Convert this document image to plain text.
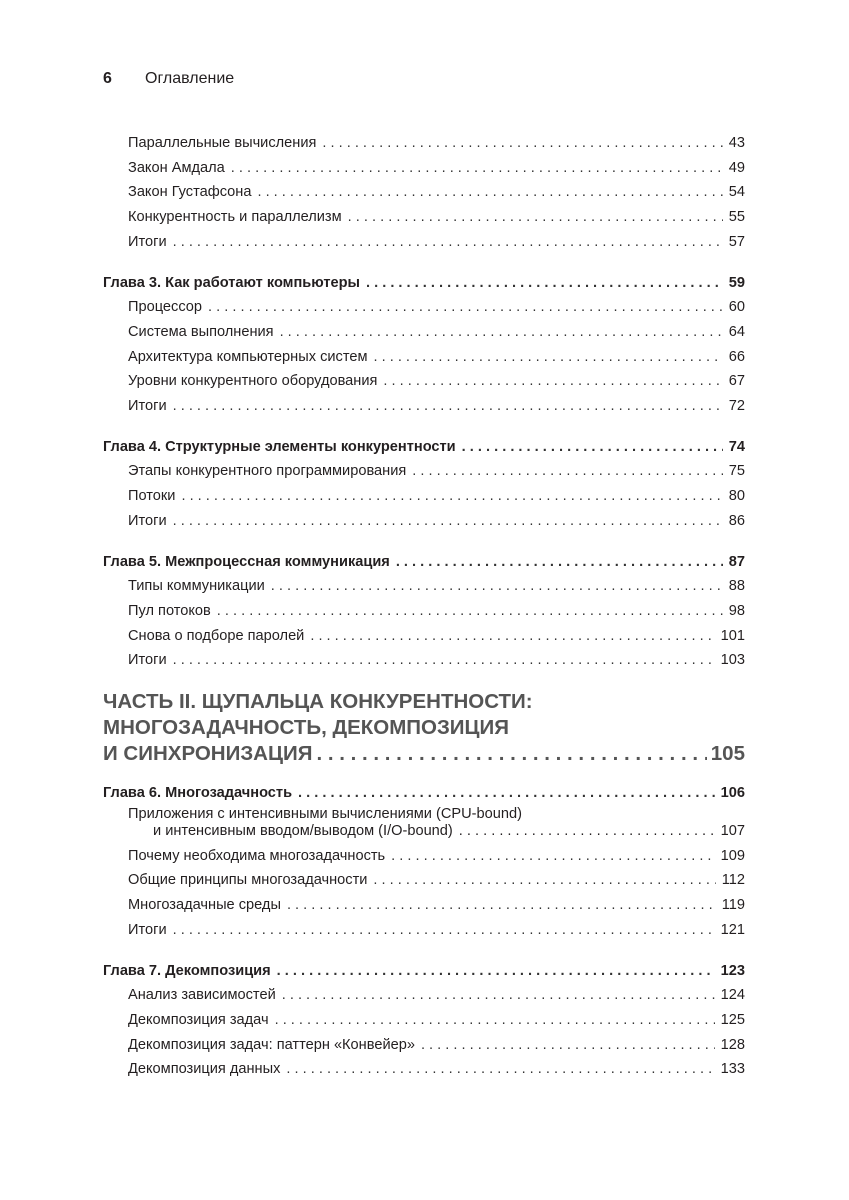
6	Оглавление
Параллельные вычисления . . .	43
Закон Амдала . . .	49
Закон Густафсона . . .	54
Конкурентность и параллелизм . . .	55
Итоги . . .	57
Глава 3. Как работают компьютеры . . .	59
Процессор . . .	60
Система выполнения . . .	64
Архитектура компьютерных систем . . .	66
Уровни конкурентного оборудования . . .	67
Итоги . . .	72
Глава 4. Структурные элементы конкурентности . . .	74
Этапы конкурентного программирования . . .	75
Потоки . . .	80
Итоги . . .	86
Глава 5. Межпроцессная коммуникация . . .	87
Типы коммуникации . . .	88
Пул потоков . . .	98
Снова о подборе паролей . . .	101
Итоги . . .	103
ЧАСТЬ II. ЩУПАЛЬЦА КОНКУРЕНТНОСТИ:
МНОГОЗАДАЧНОСТЬ, ДЕКОМПОЗИЦИЯ
И СИНХРОНИЗАЦИЯ . . .	105
Глава 6. Многозадачность . . .	106
Приложения с интенсивными вычислениями (CPU-bound)
и интенсивным вводом/выводом (I/O-bound) . . .	107
Почему необходима многозадачность . . .	109
Общие принципы многозадачности . . .	112
Многозадачные среды . . .	119
Итоги . . .	121
Глава 7. Декомпозиция . . .	123
Анализ зависимостей . . .	124
Декомпозиция задач . . .	125
Декомпозиция задач: паттерн «Конвейер» . . .	128
Декомпозиция данных . . .	133
